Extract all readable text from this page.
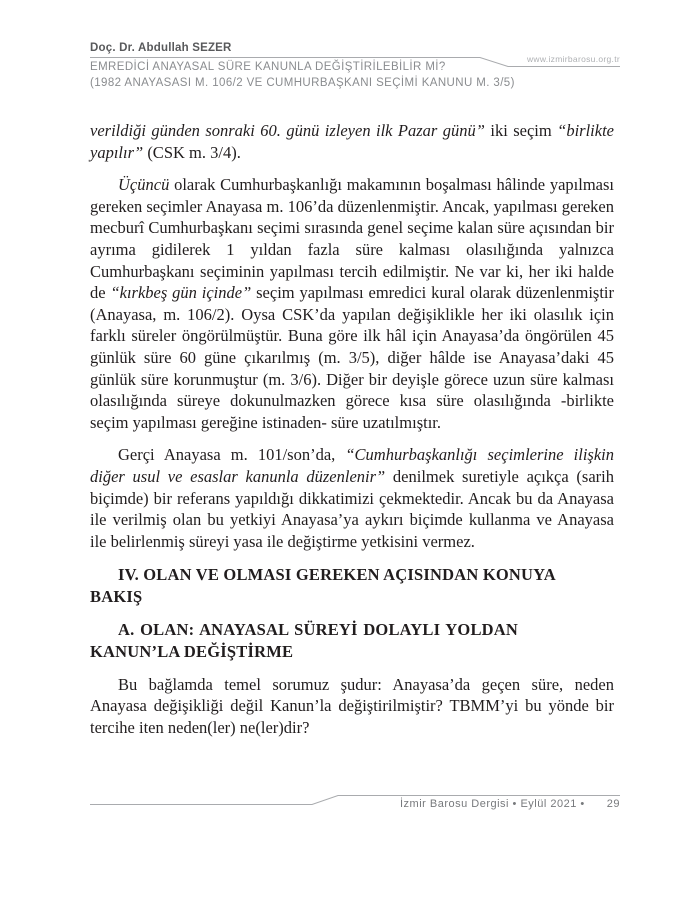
Doç. Dr. Abdullah SEZER
www.izmirbarosu.org.tr
EMREDİCİ ANAYASAL SÜRE KANUNLA DEĞİŞTİRİLEBİLİR Mİ?
(1982 ANAYASASI M. 106/2 VE CUMHURBAŞKANI SEÇİMİ KANUNU M. 3/5)
verildiği günden sonraki 60. günü izleyen ilk Pazar günü” iki seçim “birlikte yapılır” (CSK m. 3/4).
Üçüncü olarak Cumhurbaşkanlığı makamının boşalması hâlinde yapılması gereken seçimler Anayasa m. 106’da düzenlenmiştir. Ancak, yapılması gereken mecburî Cumhurbaşkanı seçimi sırasında genel seçime kalan süre açısından bir ayrıma gidilerek 1 yıldan fazla süre kalması olasılığında yalnızca Cumhurbaşkanı seçiminin yapılması tercih edilmiştir. Ne var ki, her iki halde de “kırkbeş gün içinde” seçim yapılması emredici kural olarak düzenlenmiştir (Anayasa, m. 106/2). Oysa CSK’da yapılan değişiklikle her iki olasılık için farklı süreler öngörülmüştür. Buna göre ilk hâl için Anayasa’da öngörülen 45 günlük süre 60 güne çıkarılmış (m. 3/5), diğer hâlde ise Anayasa’daki 45 günlük süre korunmuştur (m. 3/6). Diğer bir deyişle görece uzun süre kalması olasılığında süreye dokunulmazken görece kısa süre olasılığında -birlikte seçim yapılması gereğine istinaden- süre uzatılmıştır.
Gerçi Anayasa m. 101/son’da, “Cumhurbaşkanlığı seçimlerine ilişkin diğer usul ve esaslar kanunla düzenlenir” denilmek suretiyle açıkça (sarih biçimde) bir referans yapıldığı dikkatimizi çekmektedir. Ancak bu da Anayasa ile verilmiş olan bu yetkiyi Anayasa’ya aykırı biçimde kullanma ve Anayasa ile belirlenmiş süreyi yasa ile değiştirme yetkisini vermez.
IV. OLAN VE OLMASI GEREKEN AÇISINDAN KONUYA
BAKIŞ
A. OLAN: ANAYASAL SÜREYİ DOLAYLI YOLDAN
KANUN’LA DEĞİŞTİRME
Bu bağlamda temel sorumuz şudur: Anayasa’da geçen süre, neden Anayasa değişikliği değil Kanun’la değiştirilmiştir? TBMM’yi bu yönde bir tercihe iten neden(ler) ne(ler)dir?
İzmir Barosu Dergisi • Eylül 2021 • 29
